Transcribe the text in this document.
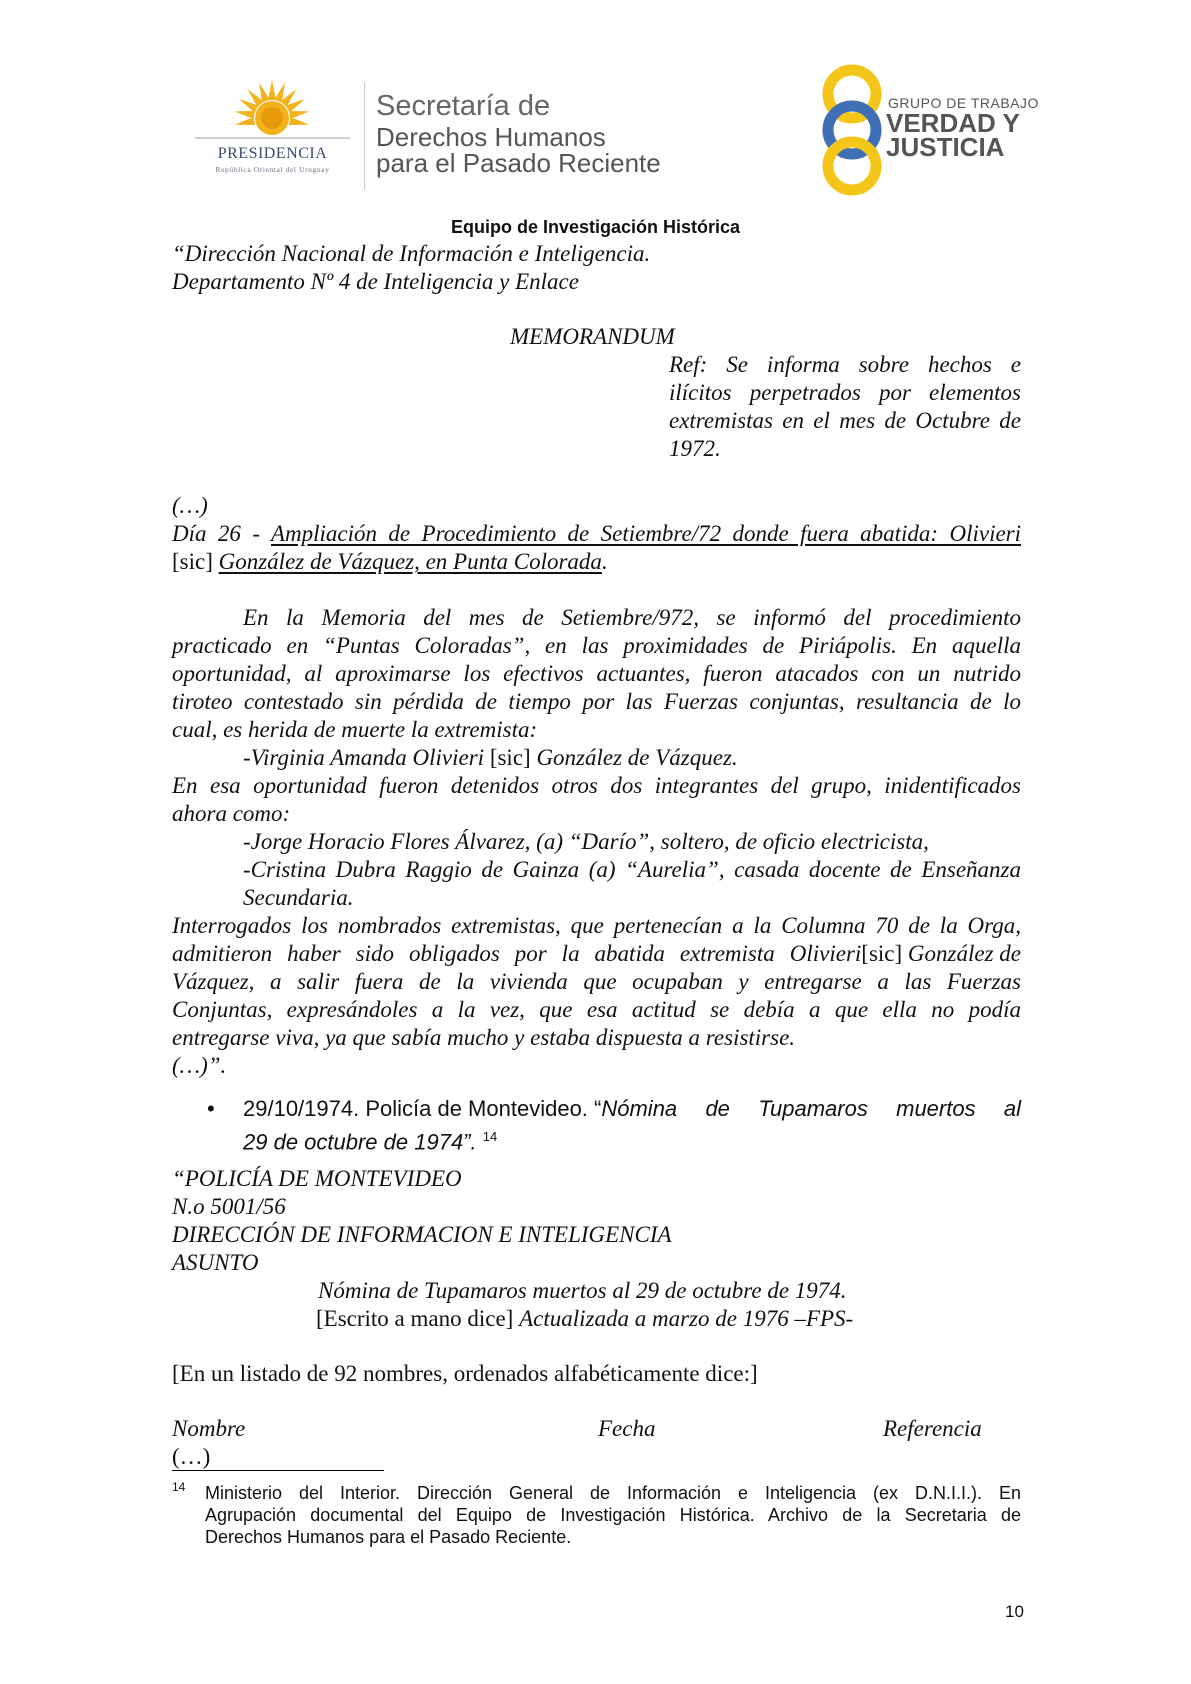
PRESIDENCIA
República Oriental del Uruguay
Secretaría de
Derechos Humanos
para el Pasado Reciente
GRUPO DE TRABAJO
VERDAD Y
JUSTICIA
Equipo de Investigación Histórica
“Dirección Nacional de Información e Inteligencia.
Departamento Nº 4 de Inteligencia y Enlace
MEMORANDUM
Ref: Se informa sobre hechos e
ilícitos perpetrados por elementos
extremistas en el mes de Octubre de
1972.
(…)
Día 26 - Ampliación de Procedimiento de Setiembre/72 donde fuera abatida: Olivieri
[sic] González de Vázquez, en Punta Colorada.
En la Memoria del mes de Setiembre/972, se informó del procedimiento
practicado en “Puntas Coloradas”, en las proximidades de Piriápolis. En aquella
oportunidad, al aproximarse los efectivos actuantes, fueron atacados con un nutrido
tiroteo contestado sin pérdida de tiempo por las Fuerzas conjuntas, resultancia de lo
cual, es herida de muerte la extremista:
-Virginia Amanda Olivieri [sic] González de Vázquez.
En esa oportunidad fueron detenidos otros dos integrantes del grupo, inidentificados
ahora como:
-Jorge Horacio Flores Álvarez, (a) “Darío”, soltero, de oficio electricista,
-Cristina Dubra Raggio de Gainza (a) “Aurelia”, casada docente de Enseñanza
Secundaria.
Interrogados los nombrados extremistas, que pertenecían a la Columna 70 de la Orga,
admitieron haber sido obligados por la abatida extremista Olivieri [sic] González de
Vázquez, a salir fuera de la vivienda que ocupaban y entregarse a las Fuerzas
Conjuntas, expresándoles a la vez, que esa actitud se debía a que ella no podía
entregarse viva, ya que sabía mucho y estaba dispuesta a resistirse.
(…)”.
• 29/10/1974. Policía de Montevideo. “ Nómina de Tupamaros muertos al
29 de octubre de 1974”. $^{14}$
“POLICÍA DE MONTEVIDEO
N.o 5001/56
DIRECCIÓN DE INFORMACION E INTELIGENCIA
ASUNTO
Nómina de Tupamaros muertos al 29 de octubre de 1974.
[Escrito a mano dice] Actualizada a marzo de 1976 –FPS-
[En un listado de 92 nombres, ordenados alfabéticamente dice:]
Nombre	Fecha	Referencia
(…)
14 Ministerio del Interior. Dirección General de Información e Inteligencia (ex D.N.I.I.). En
Agrupación documental del Equipo de Investigación Histórica. Archivo de la Secretaria de
Derechos Humanos para el Pasado Reciente.
10
